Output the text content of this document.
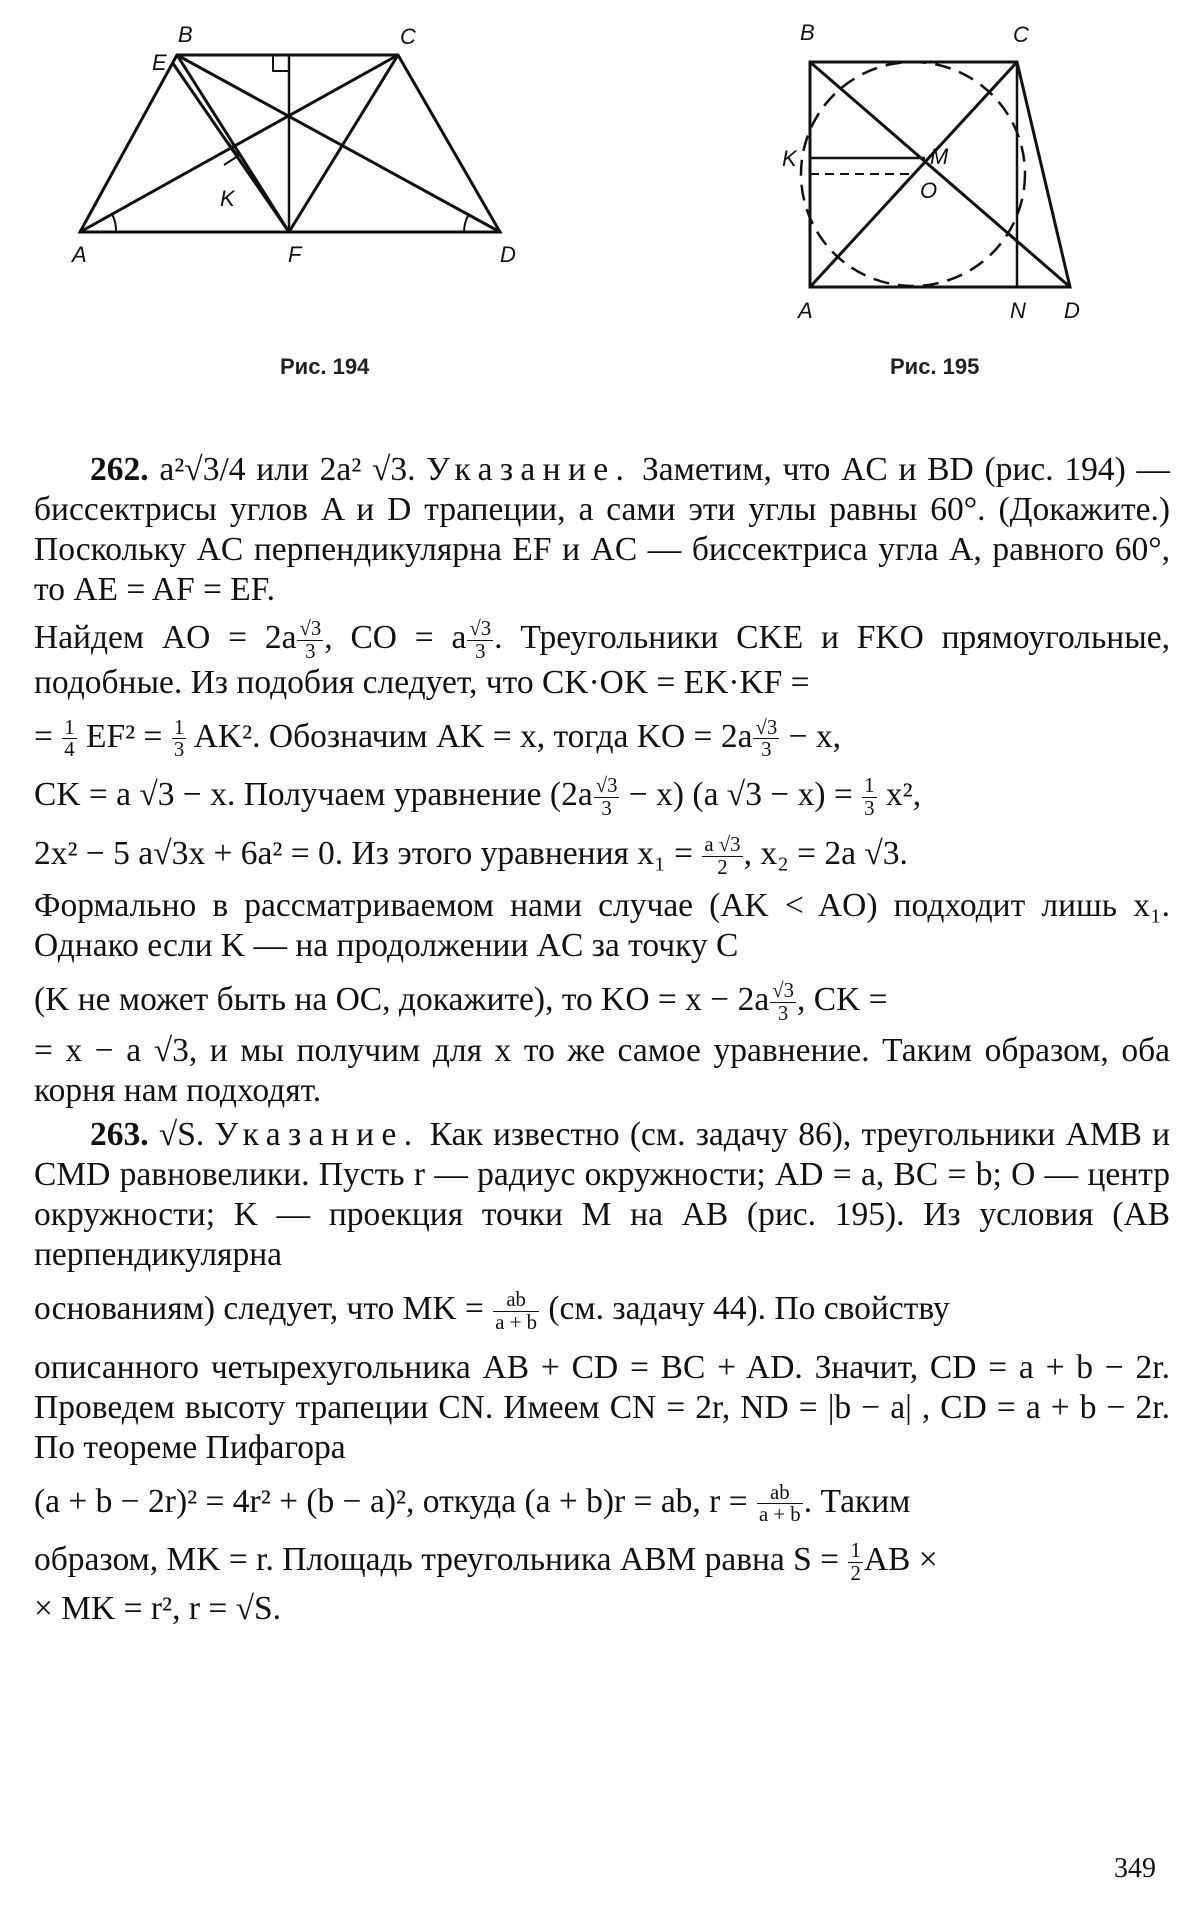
B	C
E
K
A	F	D
Рис. 194
B	C
K	M
O
A	N D
Рис. 195

262. a²√3/4 или 2a² √3. Указание. Заметим, что AC и BD (рис. 194) — биссектрисы углов A и D трапеции, а сами эти углы равны 60°. (Докажите.) Поскольку AC перпендикулярна EF и AC — биссектриса угла A, равного 60°, то AE = AF = EF.

Найдем AO = $2a \frac{√3}{3}$ , CO = a $\frac{√3}{3}$ . Треугольники CKE и FKO прямоугольные, подобные. Из подобия следует, что CK·OK = EK·KF =

= $\frac{1}{4} EF^2 = \frac{1}{3} AK^2$. Обозначим AK = x, тогда KO = $2a \frac{√3}{3} - x$,

CK = a √3 − x. Получаем уравнение $(2a \frac{√3}{3} - x)$ (a $√3 - x) = \frac{1}{3} x^2$,

2x² − 5 a√3x + 6a² = 0. Из этого уравнения $x_1 = \frac{a √3}{2}$ , x₂ = 2a √3.

Формально в рассматриваемом нами случае (AK < AO) подходит лишь x₁. Однако если K — на продолжении AC за точку C

(K не может быть на OC, докажите), то KO = $x - 2a \frac{√3}{3}$ , CK =

= x − a √3, и мы получим для x то же самое уравнение. Таким образом, оба корня нам подходят.

263. √S. Указание. Как известно (см. задачу 86), треугольники AMB и CMD равновелики. Пусть r — радиус окружности; AD = a, BC = b; O — центр окружности; K — проекция точки M на AB (рис. 195). Из условия (AB перпендикулярна

основаниям) следует, что MK = $\frac{ab}{a + b} (см$. задачу 44). По свойству

описанного четырехугольника AB + CD = BC + AD. Значит, CD = a + b − 2r. Проведем высоту трапеции CN. Имеем CN = 2r, ND = |b − a| , CD = a + b − 2r. По теореме Пифагора

(a + b − 2r)² = 4r² + (b − a)², откуда (a + b)r = ab, $r = \frac{ab}{a + b}$ . Таким

образом, MK = r. Площадь треугольника ABM равна $S = \frac{1}{2}$ AB ×

× MK = r², r = √S.

349
